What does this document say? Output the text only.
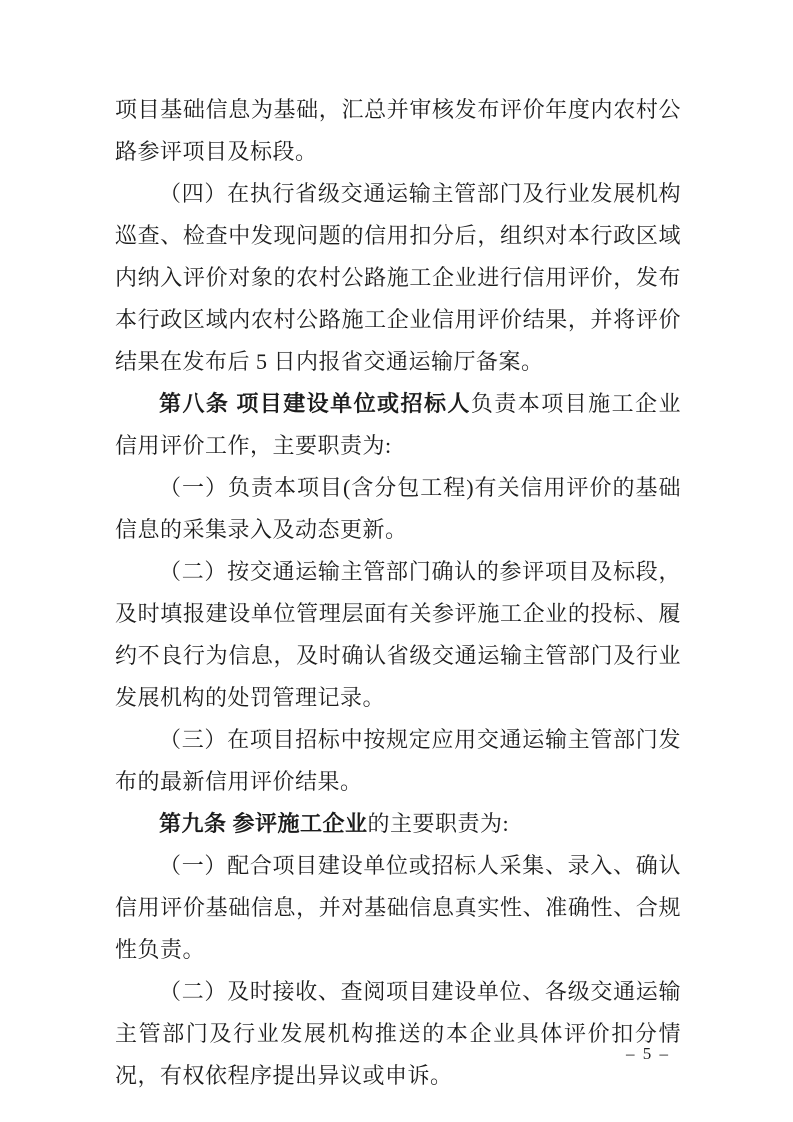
项目基础信息为基础，汇总并审核发布评价年度内农村公路参评项目及标段。

（四）在执行省级交通运输主管部门及行业发展机构巡查、检查中发现问题的信用扣分后，组织对本行政区域内纳入评价对象的农村公路施工企业进行信用评价，发布本行政区域内农村公路施工企业信用评价结果，并将评价结果在发布后 5 日内报省交通运输厅备案。

第八条 项目建设单位或招标人负责本项目施工企业信用评价工作，主要职责为:

（一）负责本项目(含分包工程)有关信用评价的基础信息的采集录入及动态更新。

（二）按交通运输主管部门确认的参评项目及标段，及时填报建设单位管理层面有关参评施工企业的投标、履约不良行为信息，及时确认省级交通运输主管部门及行业发展机构的处罚管理记录。

（三）在项目招标中按规定应用交通运输主管部门发布的最新信用评价结果。

第九条 参评施工企业的主要职责为:

（一）配合项目建设单位或招标人采集、录入、确认信用评价基础信息，并对基础信息真实性、准确性、合规性负责。

（二）及时接收、查阅项目建设单位、各级交通运输主管部门及行业发展机构推送的本企业具体评价扣分情况，有权依程序提出异议或申诉。

– 5 –
